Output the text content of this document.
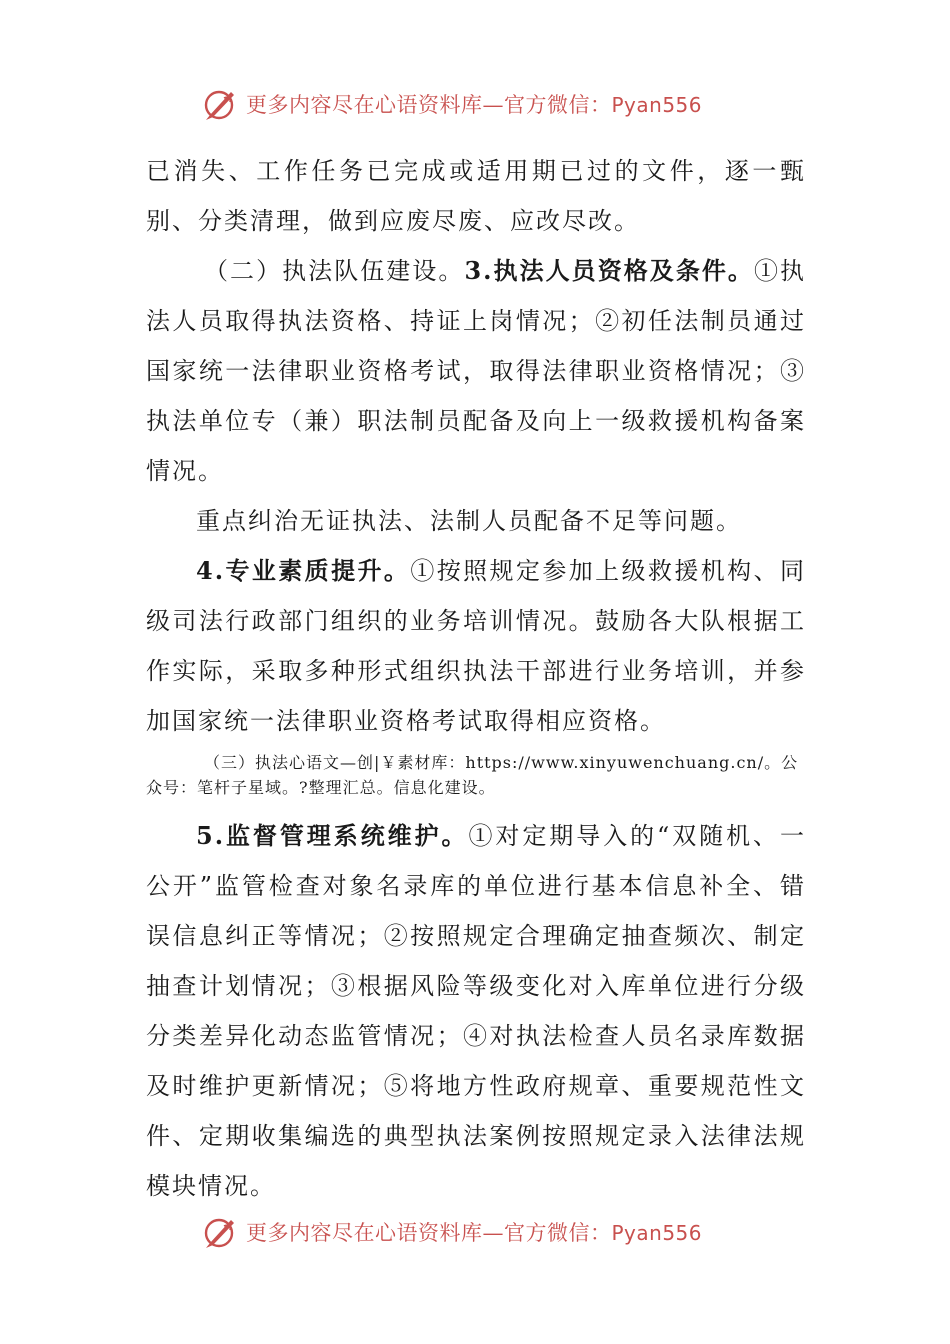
更多内容尽在心语资料库—官方微信：Pyan556

已消失、工作任务已完成或适用期已过的文件，逐一甄别、分类清理，做到应废尽废、应改尽改。

（二）执法队伍建设。3.执法人员资格及条件。①执法人员取得执法资格、持证上岗情况；②初任法制员通过国家统一法律职业资格考试，取得法律职业资格情况；③执法单位专（兼）职法制员配备及向上一级救援机构备案情况。

重点纠治无证执法、法制人员配备不足等问题。

4.专业素质提升。①按照规定参加上级救援机构、同级司法行政部门组织的业务培训情况。鼓励各大队根据工作实际，采取多种形式组织执法干部进行业务培训，并参加国家统一法律职业资格考试取得相应资格。

（三）执法心语文—创|￥素材库：https://www.xinyuwenchuang.cn/。公众号：笔杆子星域。?整理汇总。信息化建设。

5.监督管理系统维护。①对定期导入的“双随机、一公开”监管检查对象名录库的单位进行基本信息补全、错误信息纠正等情况；②按照规定合理确定抽查频次、制定抽查计划情况；③根据风险等级变化对入库单位进行分级分类差异化动态监管情况；④对执法检查人员名录库数据及时维护更新情况；⑤将地方性政府规章、重要规范性文件、定期收集编选的典型执法案例按照规定录入法律法规模块情况。

更多内容尽在心语资料库—官方微信：Pyan556
